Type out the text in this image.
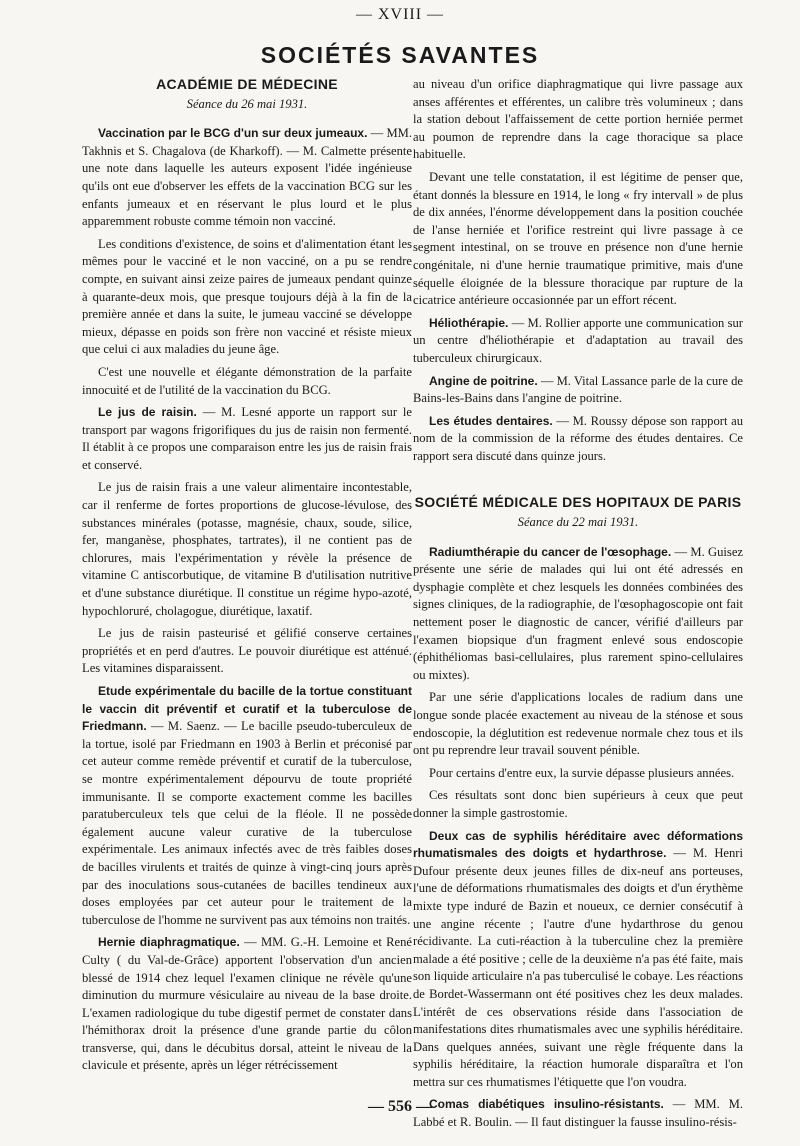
— XVIII —
SOCIÉTÉS SAVANTES
ACADÉMIE DE MÉDECINE
Séance du 26 mai 1931.

Vaccination par le BCG d'un sur deux jumeaux. — MM. Takhnis et S. Chagalova (de Kharkoff). — M. Calmette présente une note dans laquelle les auteurs exposent l'idée ingénieuse qu'ils ont eue d'observer les effets de la vaccination BCG sur les enfants jumeaux et en réservant le plus lourd et le plus apparemment robuste comme témoin non vacciné.

Les conditions d'existence, de soins et d'alimentation étant les mêmes pour le vacciné et le non vacciné, on a pu se rendre compte, en suivant ainsi zeize paires de jumeaux pendant quinze à quarante-deux mois, que presque toujours déjà à la fin de la première année et dans la suite, le jumeau vacciné se développe mieux, dépasse en poids son frère non vacciné et résiste mieux que celui ci aux maladies du jeune âge.

C'est une nouvelle et élégante démonstration de la parfaite innocuité et de l'utilité de la vaccination du BCG.

Le jus de raisin. — M. Lesné apporte un rapport sur le transport par wagons frigorifiques du jus de raisin non fermenté. Il établit à ce propos une comparaison entre les jus de raisin frais et conservé.

Le jus de raisin frais a une valeur alimentaire incontestable, car il renferme de fortes proportions de glucose-lévulose, des substances minérales (potasse, magnésie, chaux, soude, silice, fer, manganèse, phosphates, tartrates), il ne contient pas de chlorures, mais l'expérimentation y révèle la présence de vitamine C antiscorbutique, de vitamine B d'utilisation nutritive et d'une substance diurétique. Il constitue un régime hypo-azoté, hypochloruré, cholagogue, diurétique, laxatif.

Le jus de raisin pasteurisé et gélifié conserve certaines propriétés et en perd d'autres. Le pouvoir diurétique est atténué. Les vitamines disparaissent.

Etude expérimentale du bacille de la tortue constituant le vaccin dit préventif et curatif et la tuberculose de Friedmann. — M. Saenz. — Le bacille pseudo-tuberculeux de la tortue, isolé par Friedmann en 1903 à Berlin et préconisé par cet auteur comme remède préventif et curatif de la tuberculose, se montre expérimentalement dépourvu de toute propriété immunisante. Il se comporte exactement comme les bacilles paratuberculeux tels que celui de la fléole. Il ne possède également aucune valeur curative de la tuberculose expérimentale. Les animaux infectés avec de très faibles doses de bacilles virulents et traités de quinze à vingt-cinq jours après par des inoculations sous-cutanées de bacilles tendineux aux doses employées par cet auteur pour le traitement de la tuberculose de l'homme ne survivent pas aux témoins non traités.

Hernie diaphragmatique. — MM. G.-H. Lemoine et René Culty ( du Val-de-Grâce) apportent l'observation d'un ancien blessé de 1914 chez lequel l'examen clinique ne révèle qu'une diminution du murmure vésiculaire au niveau de la base droite. L'examen radiologique du tube digestif permet de constater dans l'hémithorax droit la présence d'une grande partie du côlon transverse, qui, dans le décubitus dorsal, atteint le niveau de la clavicule et présente, après un léger rétrécissement

au niveau d'un orifice diaphragmatique qui livre passage aux anses afférentes et efférentes, un calibre très volumineux ; dans la station debout l'affaissement de cette portion herniée permet au poumon de reprendre dans la cage thoracique sa place habituelle.

Devant une telle constatation, il est légitime de penser que, étant donnés la blessure en 1914, le long « fry intervall » de plus de dix années, l'énorme développement dans la position couchée de l'anse herniée et l'orifice restreint qui livre passage à ce segment intestinal, on se trouve en présence non d'une hernie congénitale, ni d'une hernie traumatique primitive, mais d'une séquelle éloignée de la blessure thoracique par rupture de la cicatrice antérieure occasionnée par un effort récent.

Héliothérapie. — M. Rollier apporte une communication sur un centre d'héliothérapie et d'adaptation au travail des tuberculeux chirurgicaux.

Angine de poitrine. — M. Vital Lassance parle de la cure de Bains-les-Bains dans l'angine de poitrine.

Les études dentaires. — M. Roussy dépose son rapport au nom de la commission de la réforme des études dentaires. Ce rapport sera discuté dans quinze jours.

SOCIÉTÉ MÉDICALE DES HOPITAUX DE PARIS
Séance du 22 mai 1931.

Radiumthérapie du cancer de l'œsophage. — M. Guisez présente une série de malades qui lui ont été adressés en dysphagie complète et chez lesquels les données combinées des signes cliniques, de la radiographie, de l'œsophagoscopie ont fait nettement poser le diagnostic de cancer, vérifié d'ailleurs par l'examen biopsique d'un fragment enlevé sous endoscopie (éphithéliomas basi-cellulaires, plus rarement spino-cellulaires ou mixtes).

Par une série d'applications locales de radium dans une longue sonde placée exactement au niveau de la sténose et sous endoscopie, la déglutition est redevenue normale chez tous et ils ont pu reprendre leur travail souvent pénible.

Pour certains d'entre eux, la survie dépasse plusieurs années.

Ces résultats sont donc bien supérieurs à ceux que peut donner la simple gastrostomie.

Deux cas de syphilis héréditaire avec déformations rhumatismales des doigts et hydarthrose. — M. Henri Dufour présente deux jeunes filles de dix-neuf ans porteuses, l'une de déformations rhumatismales des doigts et d'un érythème mixte type induré de Bazin et noueux, ce dernier consécutif à une angine récente ; l'autre d'une hydarthrose du genou récidivante. La cuti-réaction à la tuberculine chez la première malade a été positive ; celle de la deuxième n'a pas été faite, mais son liquide articulaire n'a pas tuberculisé le cobaye. Les réactions de Bordet-Wassermann ont été positives chez les deux malades. L'intérêt de ces observations réside dans l'association de manifestations dites rhumatismales avec une syphilis héréditaire. Dans quelques années, suivant une règle fréquente dans la syphilis héréditaire, la réaction humorale disparaîtra et l'on mettra sur ces rhumatismes l'étiquette que l'on voudra.

Comas diabétiques insulino-résistants. — MM. M. Labbé et R. Boulin. — Il faut distinguer la fausse insulino-résis-

— 556 —
